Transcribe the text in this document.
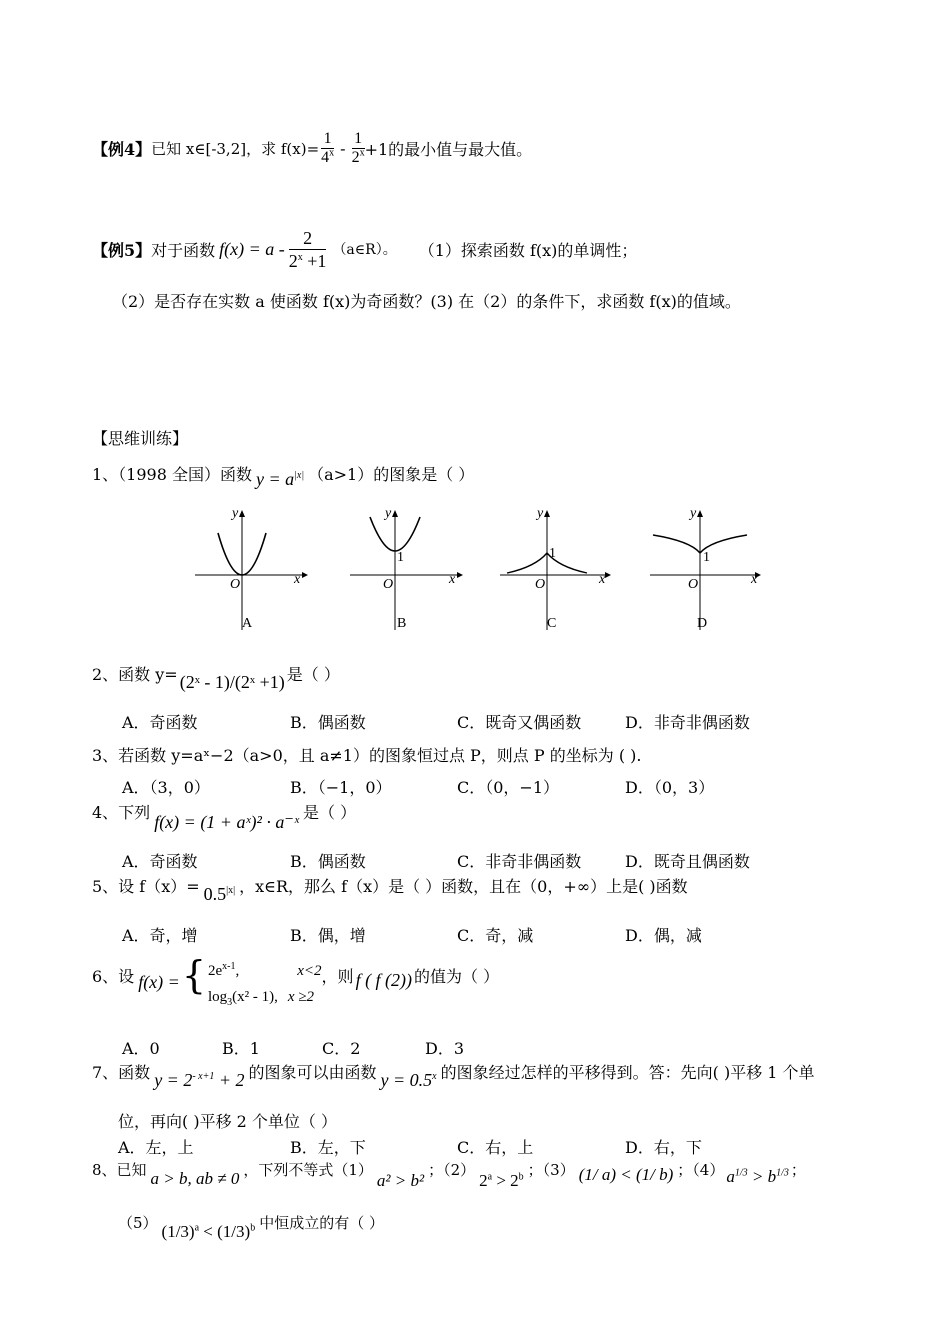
【例4】 已知 x∈[-3,2]，求 $f(x)= \frac{1}{4^x} - \frac{1}{2^x} +1$的最小值与最大值。
【例5】 对于函数 $f(x) = a - \frac{2}{2^x +1}$ （a∈R）。 （1）探索函数 f(x)的单调性；
（2）是否存在实数 a 使函数 f(x)为奇函数？(3) 在（2）的条件下，求函数 f(x)的值域。
【思维训练】
1、（1998 全国）函数 $y = a^{|x|}$ （a>1）的图象是（ ）
y
x
O
A
y
x
O
1
B
y
x
O
1
C
y
x
O
1
D
2、函数 y= (2ˣ - 1)/(2ˣ +1) 是（ ）
A．奇函数	B．偶函数	C．既奇又偶函数	D．非奇非偶函数
3、若函数 y=aˣ−2（a>0，且 a≠1）的图象恒过点 P，则点 P 的坐标为 ( ).
A．（3，0）	B．（−1，0）	C．（0，−1）	D．（0，3）
4、下列 f(x) = (1 + aˣ)² · a⁻ˣ 是（ ）
A．奇函数	B．偶函数	C．非奇非偶函数	D．既奇且偶函数
5、设 $f(x)= 0.5^{|x|}$ ，x∈R，那么 f（x）是（ ）函数，且在（0，+∞）上是( )函数
A．奇，增	B．偶，增	C．奇，减	D．偶，减
6、设 f(x) = { $2e^{x-1}$,	x<2
$\log_3(x^2 - 1)$, x ≥2
，则 f ( f (2)) 的值为（ ）
A．0	B．1	C．2	D．3
7、函数 $y = 2^{- x+1} + 2$ 的图象可以由函数 $y = 0.5^x$ 的图象经过怎样的平移得到。答：先向( )平移 1 个单
位，再向( )平移 2 个单位（ ）
A．左，上	B．左，下	C．右，上	D．右，下
8、已知 a > b, ab ≠ 0 ，下列不等式（1）
a² > b²
；（2）
$2^a > 2^b$ ；（3） (1/ a) < (1/ b) ；（4） $a^{1/3} > b^{1/3}$ ；
（5） $(1/3)^a < (1/3)^b$ 中恒成立的有（ ）
